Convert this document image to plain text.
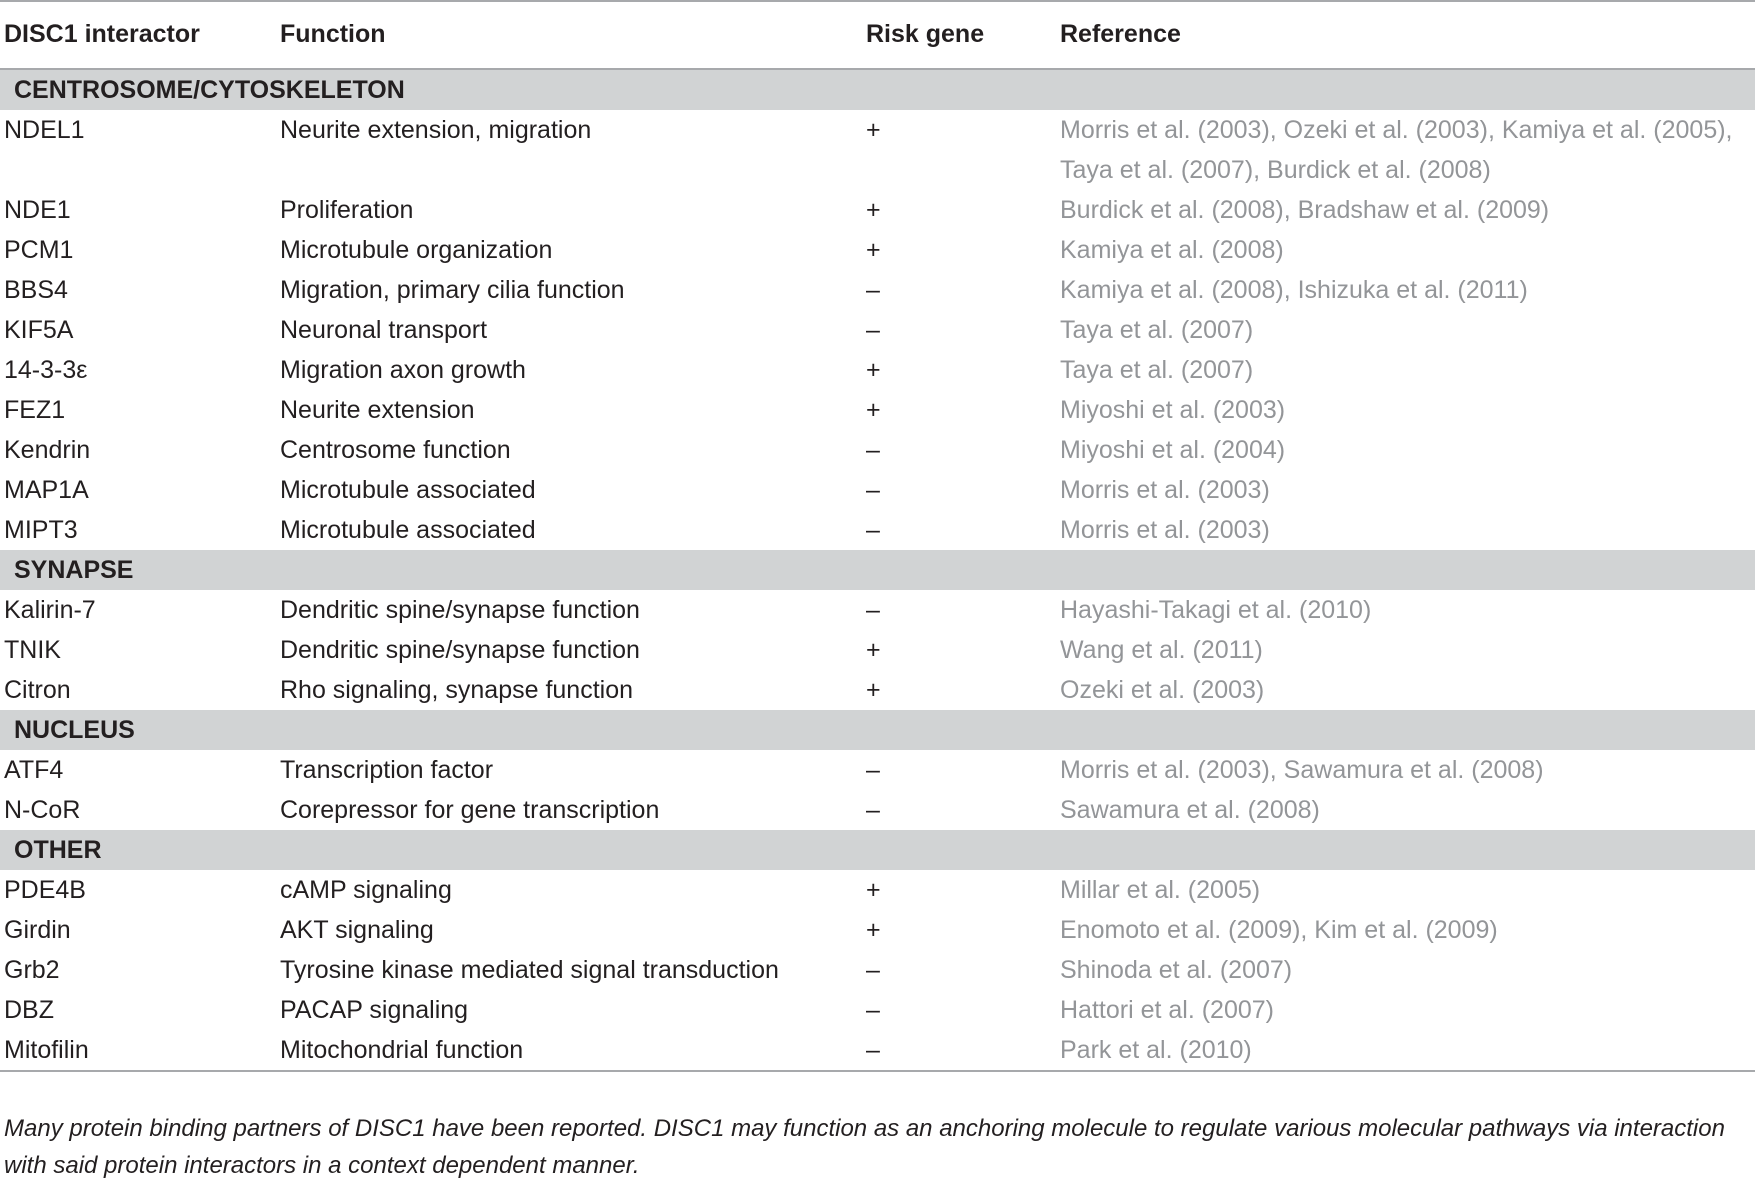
DISC1 interactor	Function	Risk gene	Reference
CENTROSOME/CYTOSKELETON
NDEL1	Neurite extension, migration	+	Morris et al. (2003), Ozeki et al. (2003), Kamiya et al. (2005),
Taya et al. (2007), Burdick et al. (2008)
NDE1	Proliferation	+	Burdick et al. (2008), Bradshaw et al. (2009)
PCM1	Microtubule organization	+	Kamiya et al. (2008)
BBS4	Migration, primary cilia function	–	Kamiya et al. (2008), Ishizuka et al. (2011)
KIF5A	Neuronal transport	–	Taya et al. (2007)
14-3-3ε	Migration axon growth	+	Taya et al. (2007)
FEZ1	Neurite extension	+	Miyoshi et al. (2003)
Kendrin	Centrosome function	–	Miyoshi et al. (2004)
MAP1A	Microtubule associated	–	Morris et al. (2003)
MIPT3	Microtubule associated	–	Morris et al. (2003)
SYNAPSE
Kalirin-7	Dendritic spine/synapse function	–	Hayashi-Takagi et al. (2010)
TNIK	Dendritic spine/synapse function	+	Wang et al. (2011)
Citron	Rho signaling, synapse function	+	Ozeki et al. (2003)
NUCLEUS
ATF4	Transcription factor	–	Morris et al. (2003), Sawamura et al. (2008)
N-CoR	Corepressor for gene transcription	–	Sawamura et al. (2008)
OTHER
PDE4B	cAMP signaling	+	Millar et al. (2005)
Girdin	AKT signaling	+	Enomoto et al. (2009), Kim et al. (2009)
Grb2	Tyrosine kinase mediated signal transduction	–	Shinoda et al. (2007)
DBZ	PACAP signaling	–	Hattori et al. (2007)
Mitofilin	Mitochondrial function	–	Park et al. (2010)
Many protein binding partners of DISC1 have been reported. DISC1 may function as an anchoring molecule to regulate various molecular pathways via interaction
with said protein interactors in a context dependent manner.
